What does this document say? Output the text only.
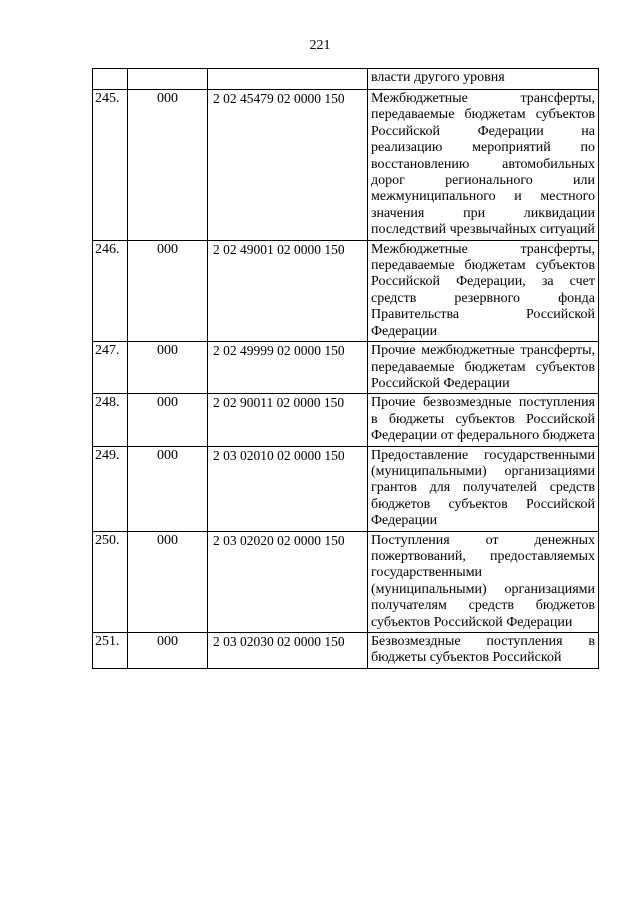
221
			власти другого уровня
245.	000	2 02 45479 02 0000 150	Межбюджетные трансферты, передаваемые бюджетам субъектов Российской Федерации на реализацию мероприятий по восстановлению автомобильных дорог регионального или межмуниципального и местного значения при ликвидации последствий чрезвычайных ситуаций
246.	000	2 02 49001 02 0000 150	Межбюджетные трансферты, передаваемые бюджетам субъектов Российской Федерации, за счет средств резервного фонда Правительства Российской Федерации
247.	000	2 02 49999 02 0000 150	Прочие межбюджетные трансферты, передаваемые бюджетам субъектов Российской Федерации
248.	000	2 02 90011 02 0000 150	Прочие безвозмездные поступления в бюджеты субъектов Российской Федерации от федерального бюджета
249.	000	2 03 02010 02 0000 150	Предоставление государственными (муниципальными) организациями грантов для получателей средств бюджетов субъектов Российской Федерации
250.	000	2 03 02020 02 0000 150	Поступления от денежных пожертвований, предоставляемых государственными (муниципальными) организациями получателям средств бюджетов субъектов Российской Федерации
251.	000	2 03 02030 02 0000 150	Безвозмездные поступления в бюджеты субъектов Российской
